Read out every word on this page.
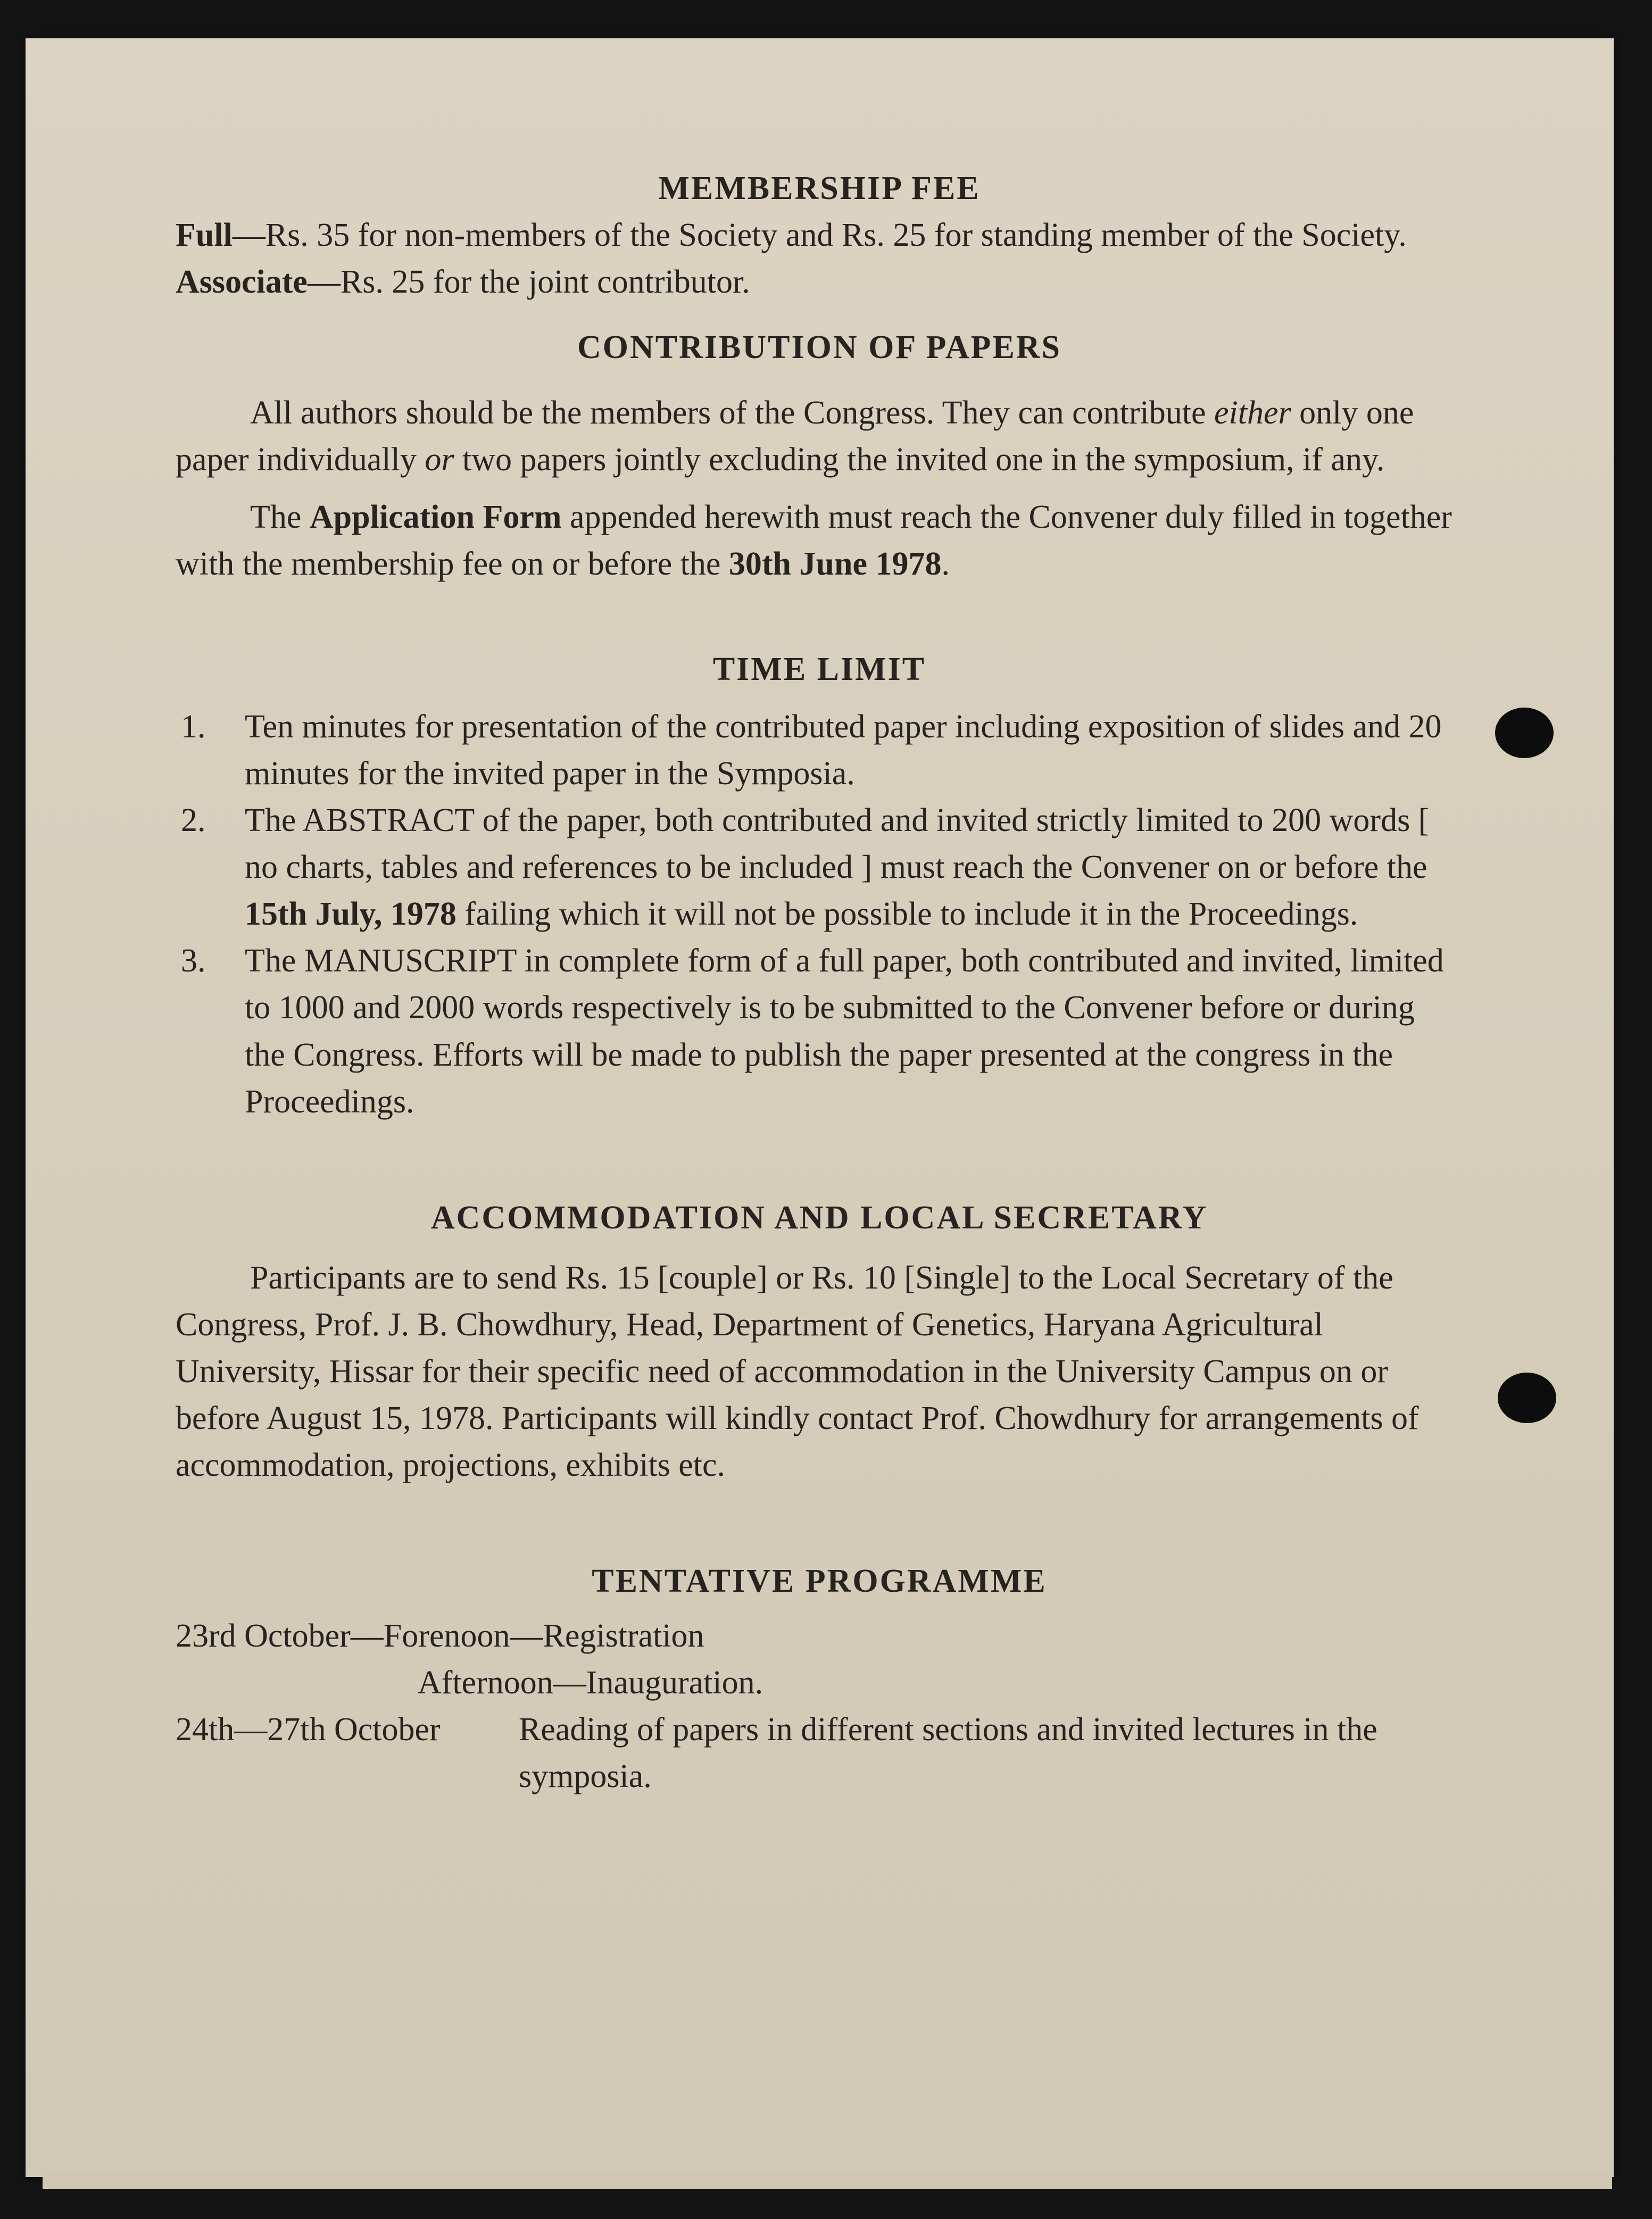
MEMBERSHIP FEE

Full—Rs. 35 for non-members of the Society and Rs. 25 for standing member of the Society.

Associate—Rs. 25 for the joint contributor.

CONTRIBUTION OF PAPERS

All authors should be the members of the Congress. They can contribute either only one paper individually or two papers jointly excluding the invited one in the symposium, if any.

The Application Form appended herewith must reach the Convener duly filled in together with the membership fee on or before the 30th June 1978.

TIME LIMIT
1. Ten minutes for presentation of the contributed paper including exposition of slides and 20 minutes for the invited paper in the Symposia.
2. The ABSTRACT of the paper, both contributed and invited strictly limited to 200 words [ no charts, tables and references to be included ] must reach the Convener on or before the 15th July, 1978 failing which it will not be possible to include it in the Proceedings.
3. The MANUSCRIPT in complete form of a full paper, both contributed and invited, limited to 1000 and 2000 words respectively is to be submitted to the Convener before or during the Congress. Efforts will be made to publish the paper presented at the congress in the Proceedings.
ACCOMMODATION AND LOCAL SECRETARY

Participants are to send Rs. 15 [couple] or Rs. 10 [Single] to the Local Secretary of the Congress, Prof. J. B. Chowdhury, Head, Department of Genetics, Haryana Agricultural University, Hissar for their specific need of accommodation in the University Campus on or before August 15, 1978. Participants will kindly contact Prof. Chowdhury for arrangements of accommodation, projections, exhibits etc.

TENTATIVE PROGRAMME

23rd October—Forenoon—Registration

Afternoon—Inauguration.

24th—27th October Reading of papers in different sections and invited lectures in the symposia.
